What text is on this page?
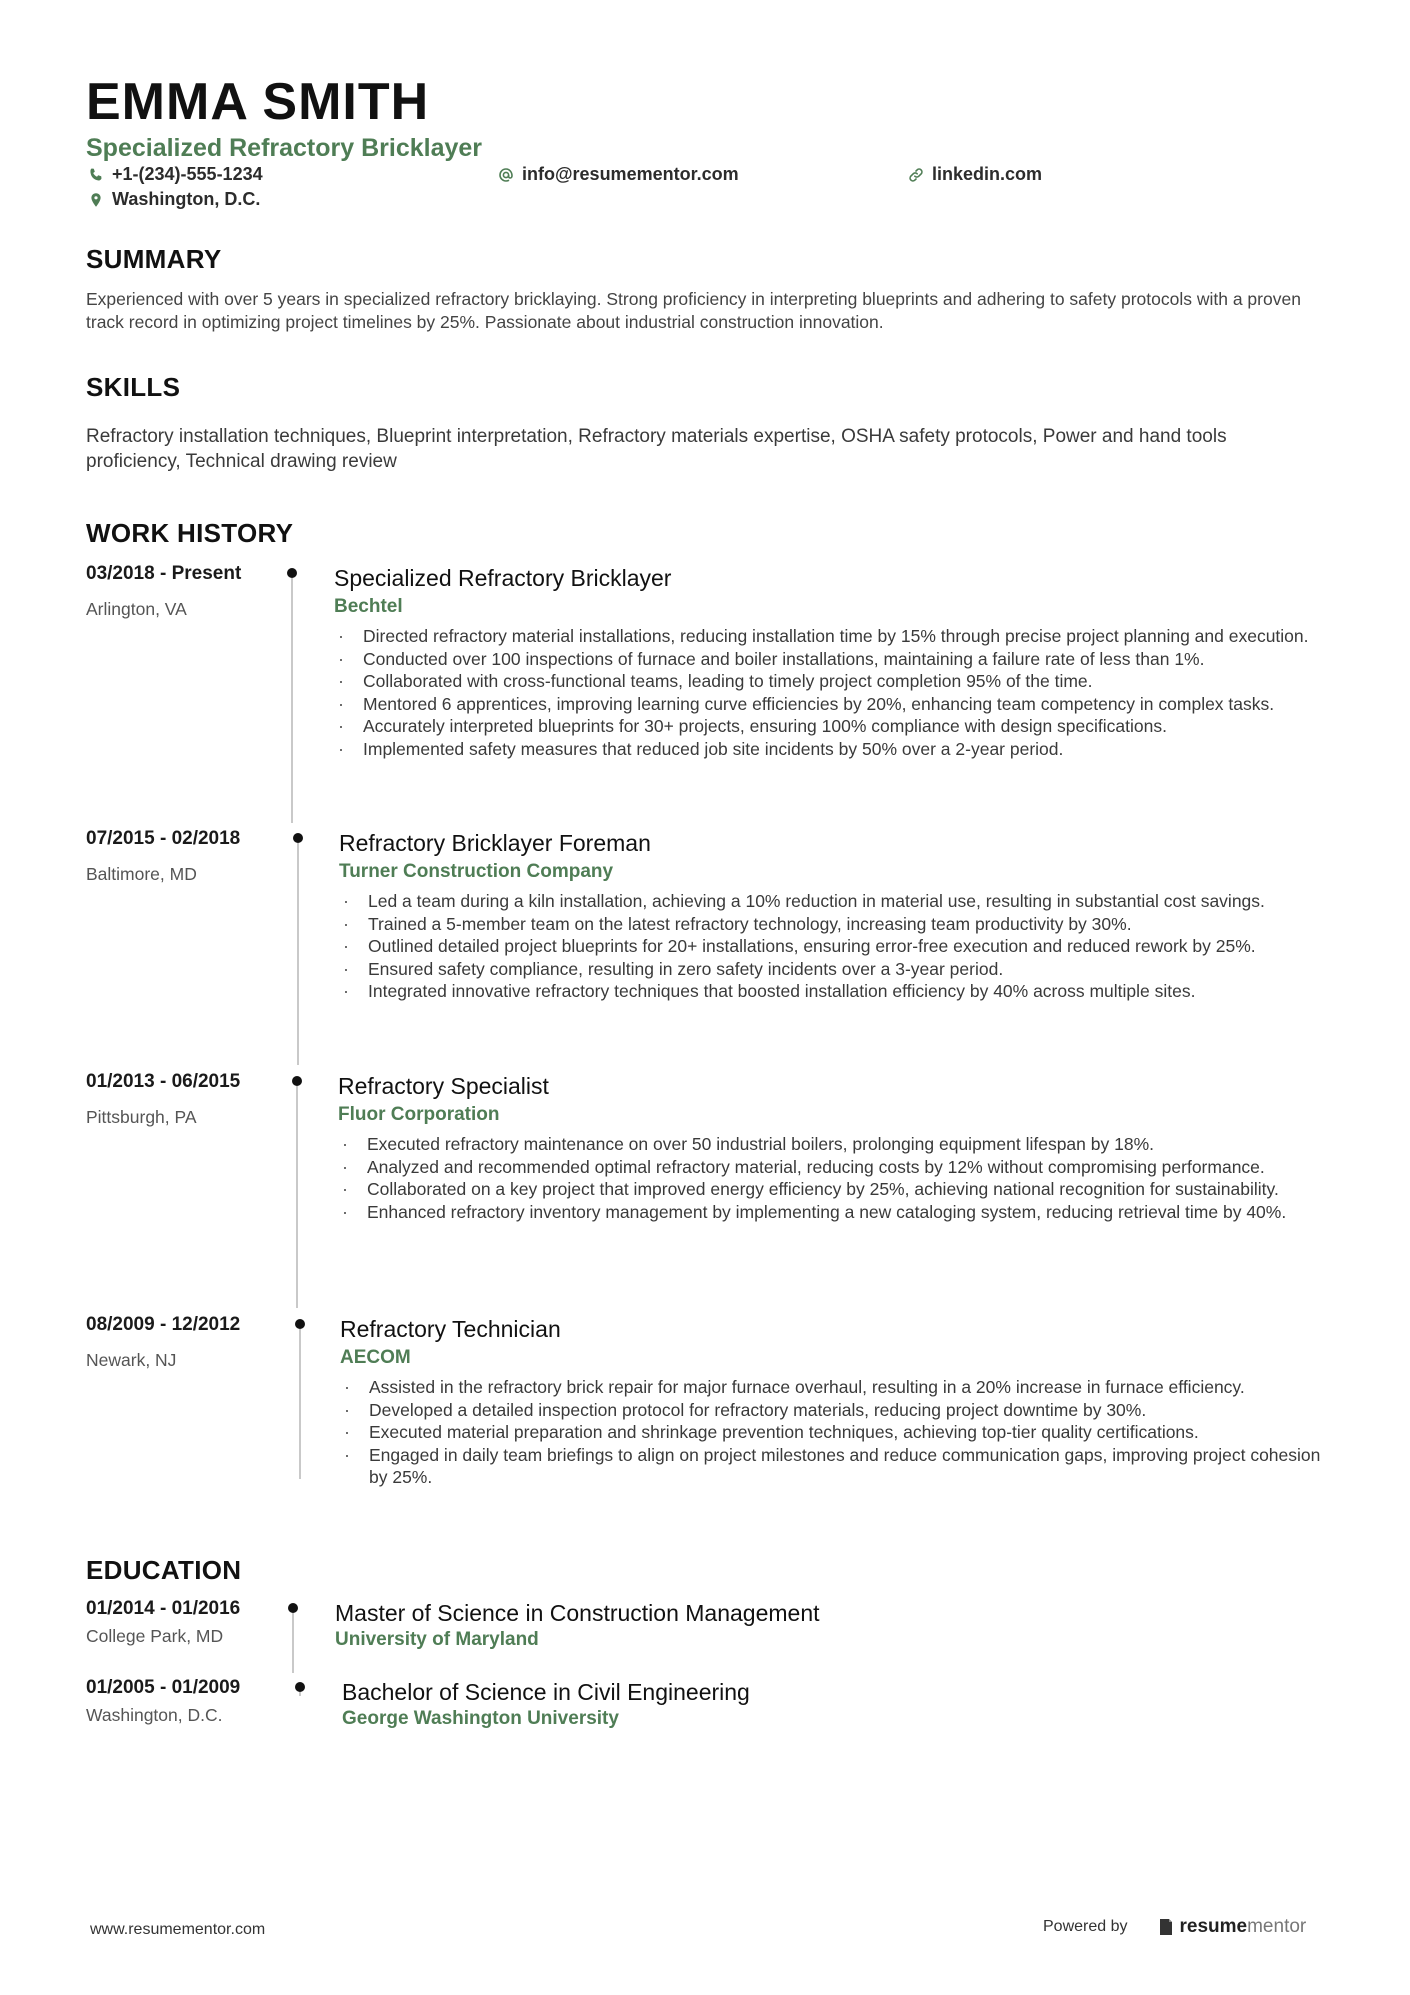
EMMA SMITH
Specialized Refractory Bricklayer
+1-(234)-555-1234	info@resumementor.com	linkedin.com
Washington, D.C.
SUMMARY
Experienced with over 5 years in specialized refractory bricklaying. Strong proficiency in interpreting blueprints and adhering to safety protocols with a proven track record in optimizing project timelines by 25%. Passionate about industrial construction innovation.
SKILLS
Refractory installation techniques, Blueprint interpretation, Refractory materials expertise, OSHA safety protocols, Power and hand tools proficiency, Technical drawing review
WORK HISTORY
03/2018 - Present
Arlington, VA
Specialized Refractory Bricklayer
Bechtel
· Directed refractory material installations, reducing installation time by 15% through precise project planning and execution.
· Conducted over 100 inspections of furnace and boiler installations, maintaining a failure rate of less than 1%.
· Collaborated with cross-functional teams, leading to timely project completion 95% of the time.
· Mentored 6 apprentices, improving learning curve efficiencies by 20%, enhancing team competency in complex tasks.
· Accurately interpreted blueprints for 30+ projects, ensuring 100% compliance with design specifications.
· Implemented safety measures that reduced job site incidents by 50% over a 2-year period.
07/2015 - 02/2018
Baltimore, MD
Refractory Bricklayer Foreman
Turner Construction Company
· Led a team during a kiln installation, achieving a 10% reduction in material use, resulting in substantial cost savings.
· Trained a 5-member team on the latest refractory technology, increasing team productivity by 30%.
· Outlined detailed project blueprints for 20+ installations, ensuring error-free execution and reduced rework by 25%.
· Ensured safety compliance, resulting in zero safety incidents over a 3-year period.
· Integrated innovative refractory techniques that boosted installation efficiency by 40% across multiple sites.
01/2013 - 06/2015
Pittsburgh, PA
Refractory Specialist
Fluor Corporation
· Executed refractory maintenance on over 50 industrial boilers, prolonging equipment lifespan by 18%.
· Analyzed and recommended optimal refractory material, reducing costs by 12% without compromising performance.
· Collaborated on a key project that improved energy efficiency by 25%, achieving national recognition for sustainability.
· Enhanced refractory inventory management by implementing a new cataloging system, reducing retrieval time by 40%.
08/2009 - 12/2012
Newark, NJ
Refractory Technician
AECOM
· Assisted in the refractory brick repair for major furnace overhaul, resulting in a 20% increase in furnace efficiency.
· Developed a detailed inspection protocol for refractory materials, reducing project downtime by 30%.
· Executed material preparation and shrinkage prevention techniques, achieving top-tier quality certifications.
· Engaged in daily team briefings to align on project milestones and reduce communication gaps, improving project cohesion by 25%.
EDUCATION
01/2014 - 01/2016
College Park, MD
Master of Science in Construction Management
University of Maryland
01/2005 - 01/2009
Washington, D.C.
Bachelor of Science in Civil Engineering
George Washington University
www.resumementor.com	Powered by	resume mentor
